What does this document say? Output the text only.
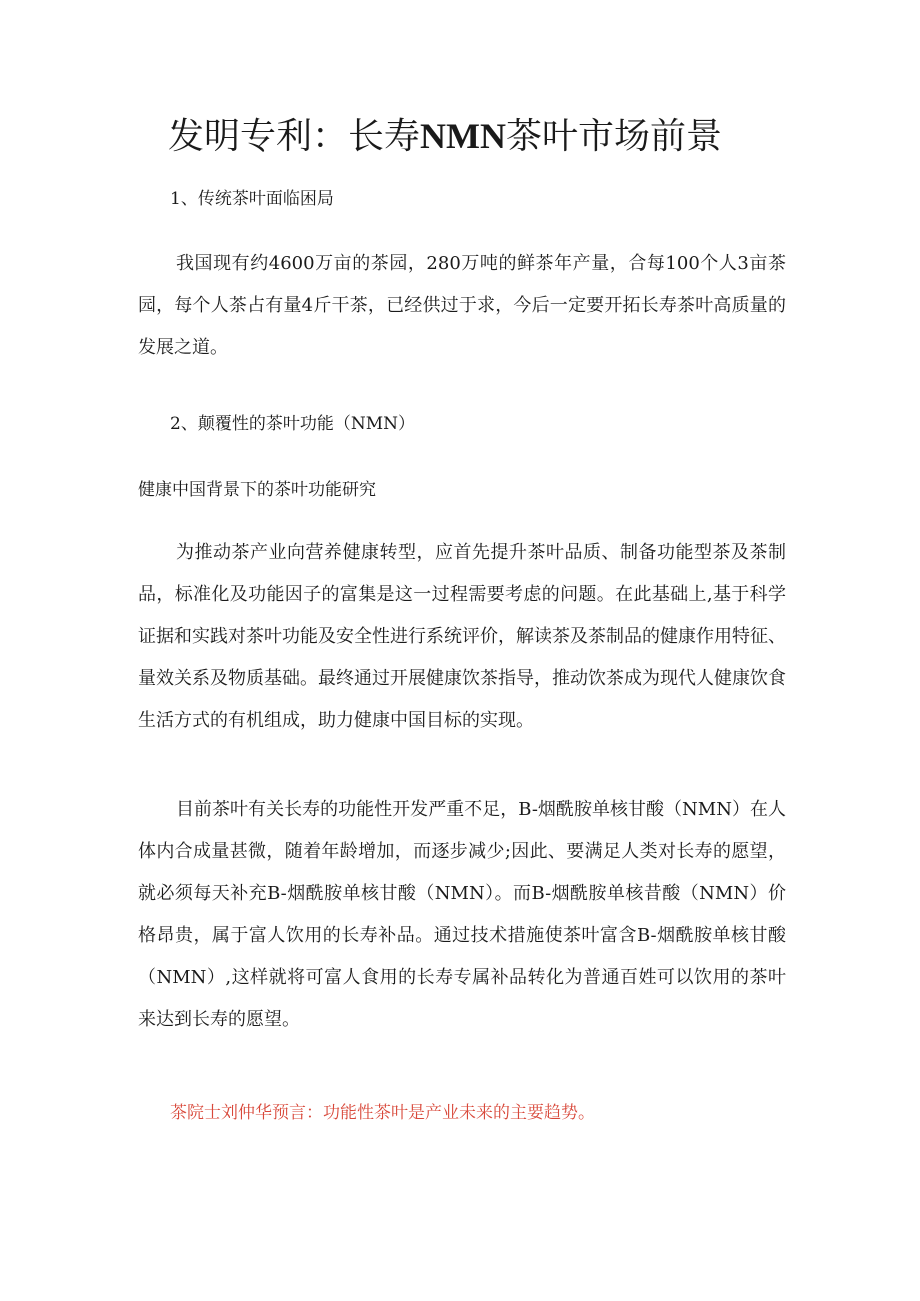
发明专利：长寿NMN茶叶市场前景
1、传统茶叶面临困局

我国现有约4600万亩的茶园，280万吨的鲜茶年产量，合每100个人3亩茶园，每个人茶占有量4斤干茶，已经供过于求，今后一定要开拓长寿茶叶高质量的发展之道。

2、颠覆性的茶叶功能（NMN）
健康中国背景下的茶叶功能研究

为推动茶产业向营养健康转型，应首先提升茶叶品质、制备功能型茶及茶制品，标准化及功能因子的富集是这一过程需要考虑的问题。在此基础上,基于科学证据和实践对茶叶功能及安全性进行系统评价，解读茶及茶制品的健康作用特征、量效关系及物质基础。最终通过开展健康饮茶指导，推动饮茶成为现代人健康饮食生活方式的有机组成，助力健康中国目标的实现。

目前茶叶有关长寿的功能性开发严重不足，B-烟酰胺单核甘酸（NMN）在人体内合成量甚微，随着年龄增加，而逐步减少;因此、要满足人类对长寿的愿望，就必须每天补充B-烟酰胺单核甘酸（NMN）。而B-烟酰胺单核昔酸（NMN）价格昂贵，属于富人饮用的长寿补品。通过技术措施使茶叶富含B-烟酰胺单核甘酸（NMN）,这样就将可富人食用的长寿专属补品转化为普通百姓可以饮用的茶叶来达到长寿的愿望。

茶院士刘仲华预言：功能性茶叶是产业未来的主要趋势。
